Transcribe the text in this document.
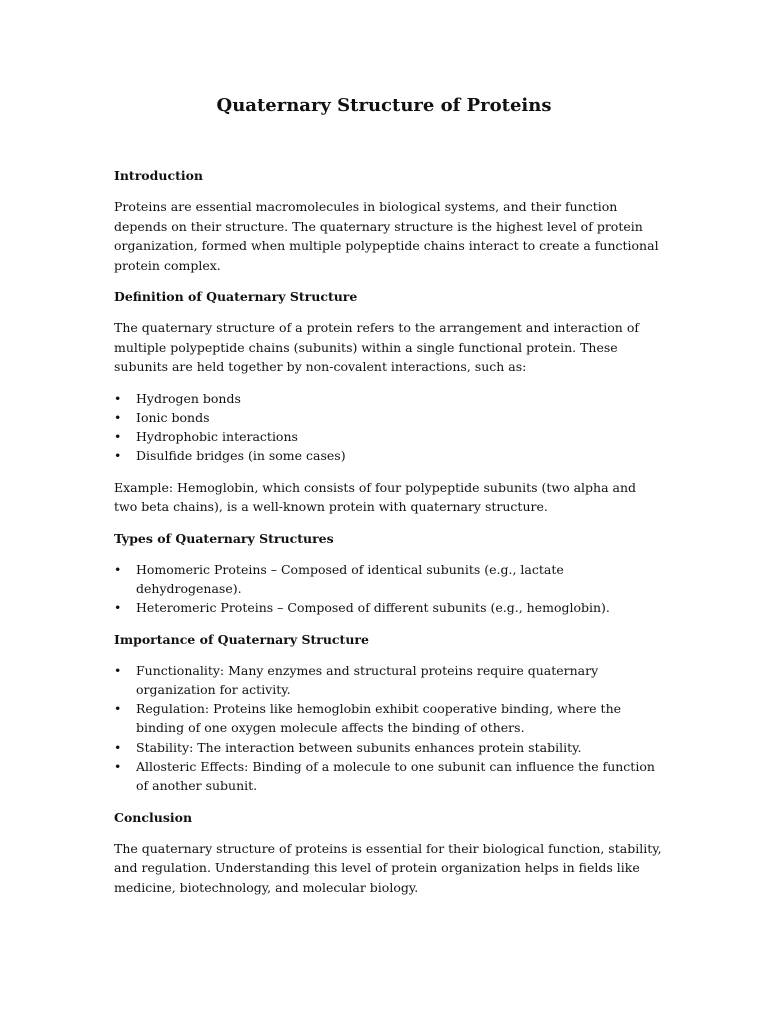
Quaternary Structure of Proteins
Introduction

Proteins are essential macromolecules in biological systems, and their function depends on their structure. The quaternary structure is the highest level of protein organization, formed when multiple polypeptide chains interact to create a functional protein complex.

Definition of Quaternary Structure

The quaternary structure of a protein refers to the arrangement and interaction of multiple polypeptide chains (subunits) within a single functional protein. These subunits are held together by non-covalent interactions, such as:

• Hydrogen bonds
• Ionic bonds
• Hydrophobic interactions
• Disulfide bridges (in some cases)

Example: Hemoglobin, which consists of four polypeptide subunits (two alpha and two beta chains), is a well-known protein with quaternary structure.

Types of Quaternary Structures
• Homomeric Proteins – Composed of identical subunits (e.g., lactate dehydrogenase).
• Heteromeric Proteins – Composed of different subunits (e.g., hemoglobin).
Importance of Quaternary Structure
• Functionality: Many enzymes and structural proteins require quaternary organization for activity.
• Regulation: Proteins like hemoglobin exhibit cooperative binding, where the binding of one oxygen molecule affects the binding of others.
• Stability: The interaction between subunits enhances protein stability.
• Allosteric Effects: Binding of a molecule to one subunit can influence the function of another subunit.
Conclusion

The quaternary structure of proteins is essential for their biological function, stability, and regulation. Understanding this level of protein organization helps in fields like medicine, biotechnology, and molecular biology.
